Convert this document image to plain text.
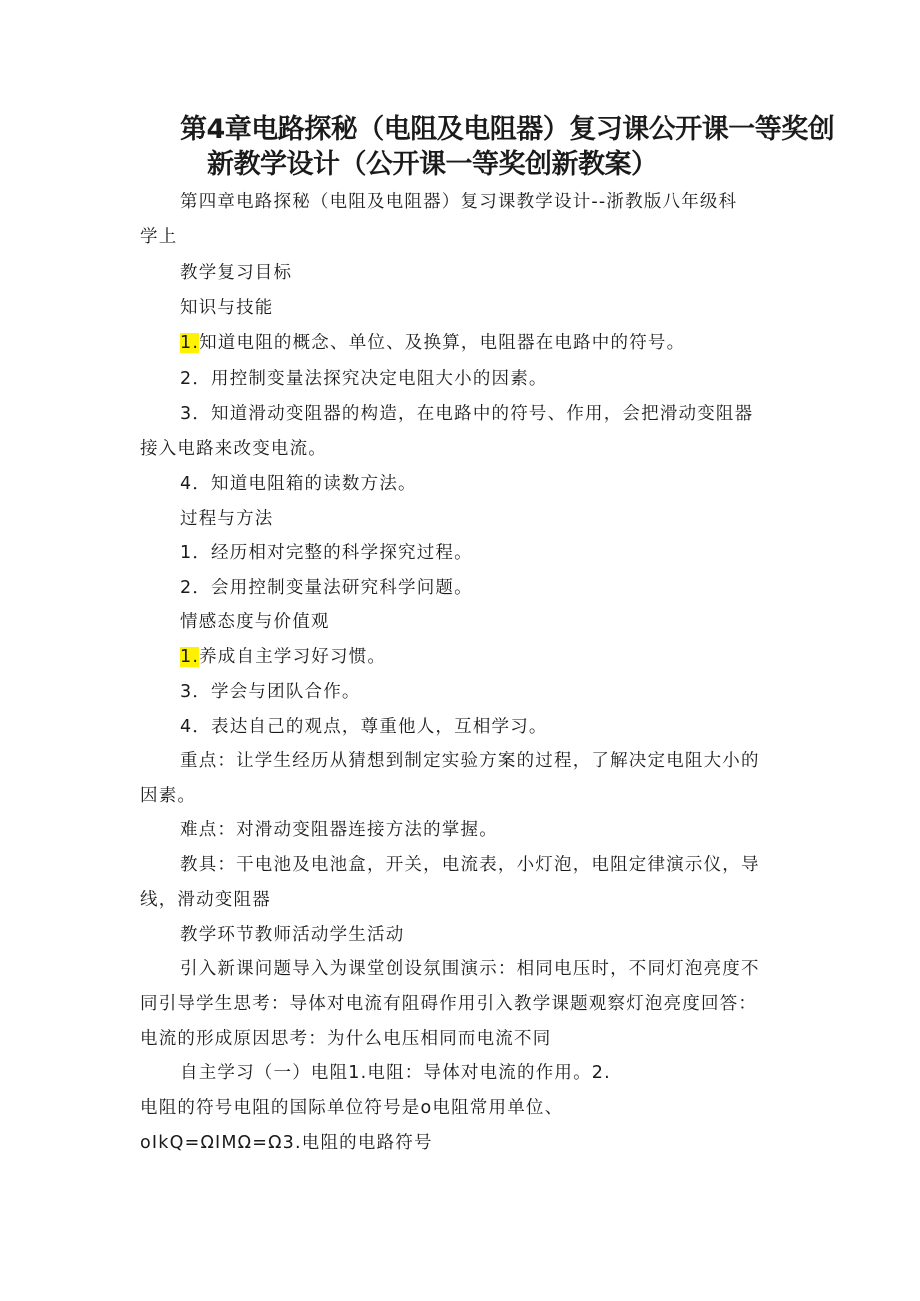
第4章电路探秘（电阻及电阻器）复习课公开课一等奖创
新教学设计（公开课一等奖创新教案）
第四章电路探秘（电阻及电阻器）复习课教学设计--浙教版八年级科
学上
教学复习目标
知识与技能
1.知道电阻的概念、单位、及换算，电阻器在电路中的符号。
2．用控制变量法探究决定电阻大小的因素。
3．知道滑动变阻器的构造，在电路中的符号、作用，会把滑动变阻器
接入电路来改变电流。
4．知道电阻箱的读数方法。
过程与方法
1．经历相对完整的科学探究过程。
2．会用控制变量法研究科学问题。
情感态度与价值观
1.养成自主学习好习惯。
3．学会与团队合作。
4．表达自己的观点，尊重他人，互相学习。
重点：让学生经历从猜想到制定实验方案的过程，了解决定电阻大小的
因素。
难点：对滑动变阻器连接方法的掌握。
教具：干电池及电池盒，开关，电流表，小灯泡，电阻定律演示仪，导
线，滑动变阻器
教学环节教师活动学生活动
引入新课问题导入为课堂创设氛围演示：相同电压时，不同灯泡亮度不
同引导学生思考：导体对电流有阻碍作用引入教学课题观察灯泡亮度回答：
电流的形成原因思考：为什么电压相同而电流不同
自主学习（一）电阻1.电阻：导体对电流的作用。2.
电阻的符号电阻的国际单位符号是o电阻常用单位、
oIkQ=ΩIMΩ=Ω3.电阻的电路符号
